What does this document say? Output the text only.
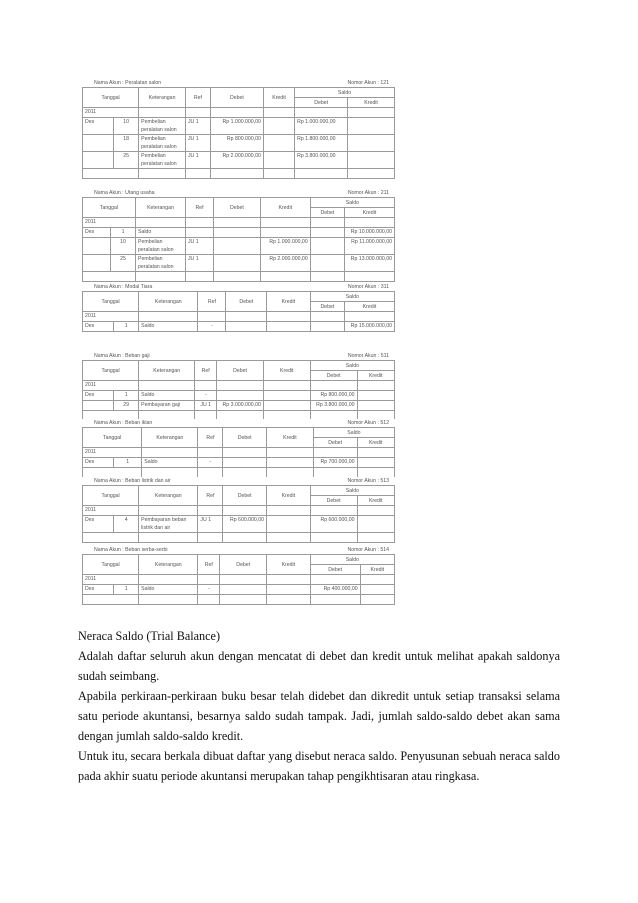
Nama Akun : Peralatan salon	Nomor Akun : 121
Tanggal		Keterangan	Ref	Debet	Kredit	Saldo	
						Debet	Kredit
2011							
Des	10	Pembelian peralatan salon	JU 1	Rp 1.000.000,00		Rp 1.000.000,00	
	18	Pembelian peralatan salon	JU 1	Rp 800.000,00		Rp 1.800.000,00	
	25	Pembelian peralatan salon	JU 1	Rp 2.000.000,00		Rp 3.800.000,00	

Nama Akun : Utang usaha	Nomor Akun : 211
Tanggal		Keterangan	Ref	Debet	Kredit	Saldo	
						Debet	Kredit
2011							
Des	1	Saldo					Rp 10.000.000,00
	10	Pembelian peralatan salon	JU 1		Rp 1.000.000,00		Rp 11.000.000,00
	25	Pembelian peralatan salon	JU 1		Rp 2.000.000,00		Rp 13.000.000,00

Nama Akun : Modal Tiara	Nomor Akun : 311
Tanggal		Keterangan	Ref	Debet	Kredit	Saldo	
						Debet	Kredit
2011							
Des	1	Saldo	-				Rp 15.000.000,00
Nama Akun : Beban gaji	Nomor Akun : 511
Tanggal		Keterangan	Ref	Debet	Kredit	Saldo	
						Debet	Kredit
2011							
Des	1	Saldo	-			Rp 800.000,00	
	29	Pembayaran gaji	JU 1	Rp 3.000.000,00		Rp 3.800.000,00	

Nama Akun : Beban iklan	Nomor Akun : 512
Tanggal		Keterangan	Ref	Debet	Kredit	Saldo	
						Debet	Kredit
2011							
Des	1	Saldo	-			Rp 700.000,00	

Nama Akun : Beban listrik dan air	Nomor Akun : 513
Tanggal		Keterangan	Ref	Debet	Kredit	Saldo	
						Debet	Kredit
2011							
Des	4	Pembayaran beban listrik dan air	JU 1	Rp 600.000,00		Rp 600.000,00	

Nama Akun : Beban serba-serbi	Nomor Akun : 514
Tanggal		Keterangan	Ref	Debet	Kredit	Saldo	
						Debet	Kredit
2011							
Des	1	Saldo	-			Rp 400.000,00	

Neraca Saldo (Trial Balance)

Adalah daftar seluruh akun dengan mencatat di debet dan kredit untuk melihat apakah saldonya sudah seimbang.

Apabila perkiraan-perkiraan buku besar telah didebet dan dikredit untuk setiap transaksi selama satu periode akuntansi, besarnya saldo sudah tampak. Jadi, jumlah saldo-saldo debet akan sama dengan jumlah saldo-saldo kredit.

Untuk itu, secara berkala dibuat daftar yang disebut neraca saldo. Penyusunan sebuah neraca saldo pada akhir suatu periode akuntansi merupakan tahap pengikhtisaran atau ringkasa.
